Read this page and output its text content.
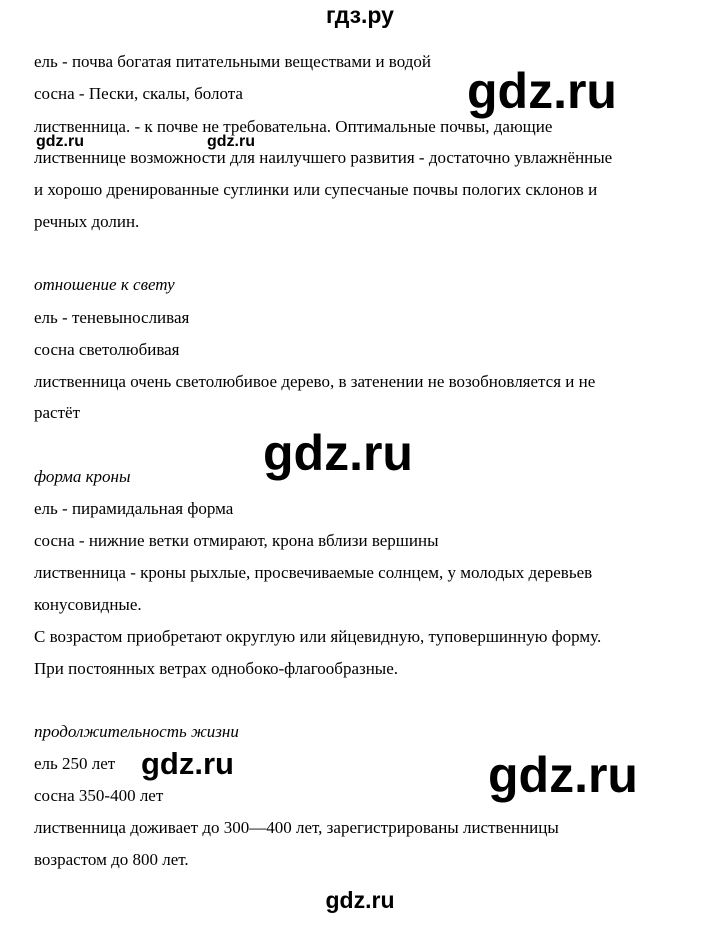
гдз.ру
ель - почва богатая питательными веществами и водой
сосна - Пески, скалы, болота
лиственница. - к почве не требовательна. Оптимальные почвы, дающие
лиственнице возможности для наилучшего развития - достаточно увлажнённые
и хорошо дренированные суглинки или супесчаные почвы пологих склонов и
речных долин.
отношение к свету
ель - теневыносливая
сосна светолюбивая
лиственница очень светолюбивое дерево, в затенении не возобновляется и не
растёт
форма кроны
ель - пирамидальная форма
сосна - нижние ветки отмирают, крона вблизи вершины
лиственница - кроны рыхлые, просвечиваемые солнцем, у молодых деревьев
конусовидные.
С возрастом приобретают округлую или яйцевидную, туповершинную форму.
При постоянных ветрах однобоко-флагообразные.
продолжительность жизни
ель 250 лет
сосна 350-400 лет
лиственница доживает до 300—400 лет, зарегистрированы лиственницы
возрастом до 800 лет.
gdz.ru
gdz.ru	gdz.ru
gdz.ru
gdz.ru	gdz.ru
gdz.ru
